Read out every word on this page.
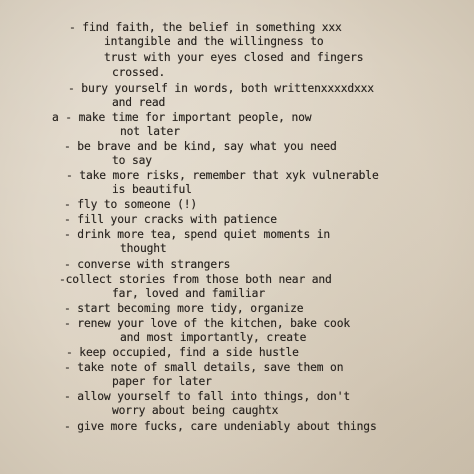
- find faith, the belief in something xxx

intangible and the willingness to

trust with your eyes closed and fingers

crossed.

- bury yourself in words, both writtenxxxxdxxx

and read

a - make time for important people, now

not later

- be brave and be kind, say what you need

to say

- take more risks, remember that xyk vulnerable

is beautiful

- fly to someone (!)

- fill your cracks with patience

- drink more tea, spend quiet moments in

thought

- converse with strangers

-collect stories from those both near and

far, loved and familiar

- start becoming more tidy, organize

- renew your love of the kitchen, bake cook

and most importantly, create

- keep occupied, find a side hustle

- take note of small details, save them on

paper for later

- allow yourself to fall into things, don't

worry about being caughtx

- give more fucks, care undeniably about things
